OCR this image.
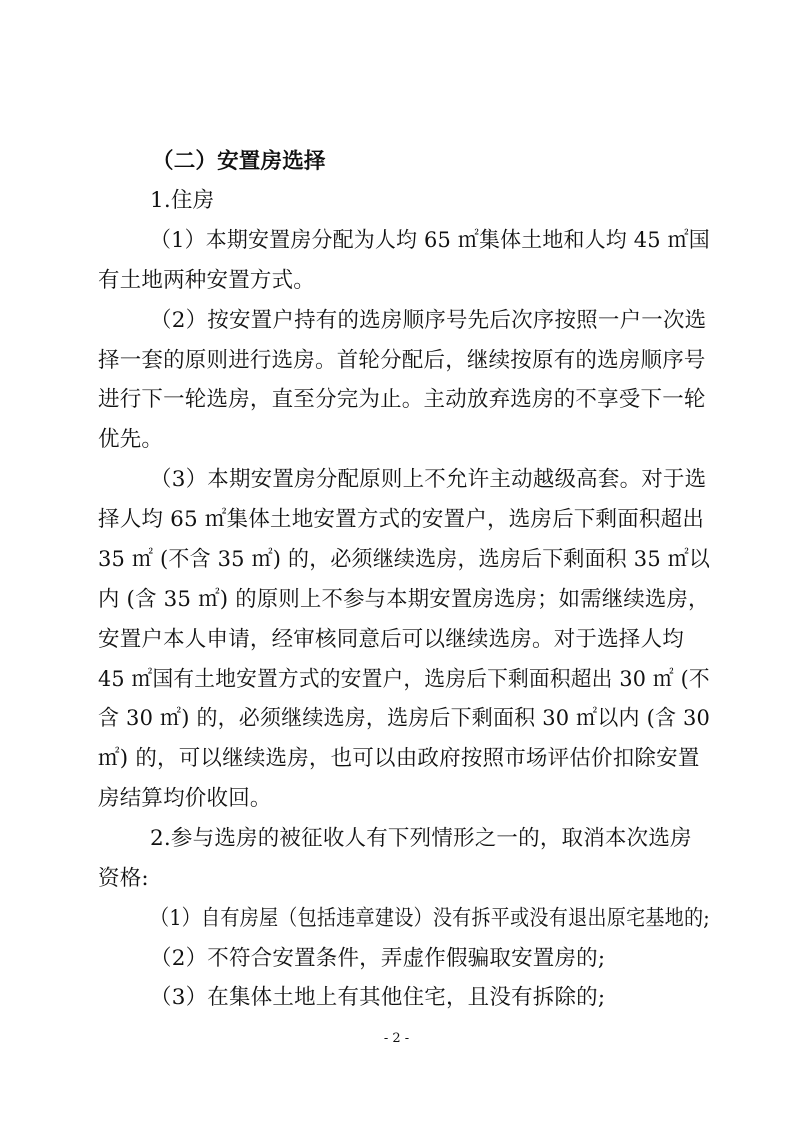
（二）安置房选择
1.住房
（1）本期安置房分配为人均 65 ㎡集体土地和人均 45 ㎡国
有土地两种安置方式。
（2）按安置户持有的选房顺序号先后次序按照一户一次选
择一套的原则进行选房。首轮分配后，继续按原有的选房顺序号
进行下一轮选房，直至分完为止。主动放弃选房的不享受下一轮
优先。
（3）本期安置房分配原则上不允许主动越级高套。对于选
择人均 65 ㎡集体土地安置方式的安置户，选房后下剩面积超出
35 ㎡ (不含 35 ㎡) 的，必须继续选房，选房后下剩面积 35 ㎡以
内 (含 35 ㎡) 的原则上不参与本期安置房选房；如需继续选房，
安置户本人申请，经审核同意后可以继续选房。对于选择人均
45 ㎡国有土地安置方式的安置户，选房后下剩面积超出 30 ㎡ (不
含 30 ㎡) 的，必须继续选房，选房后下剩面积 30 ㎡以内 (含 30
㎡) 的，可以继续选房，也可以由政府按照市场评估价扣除安置
房结算均价收回。
2.参与选房的被征收人有下列情形之一的，取消本次选房
资格:
（1）自有房屋（包括违章建设）没有拆平或没有退出原宅基地的;
（2）不符合安置条件，弄虚作假骗取安置房的;
（3）在集体土地上有其他住宅，且没有拆除的;
- 2 -
